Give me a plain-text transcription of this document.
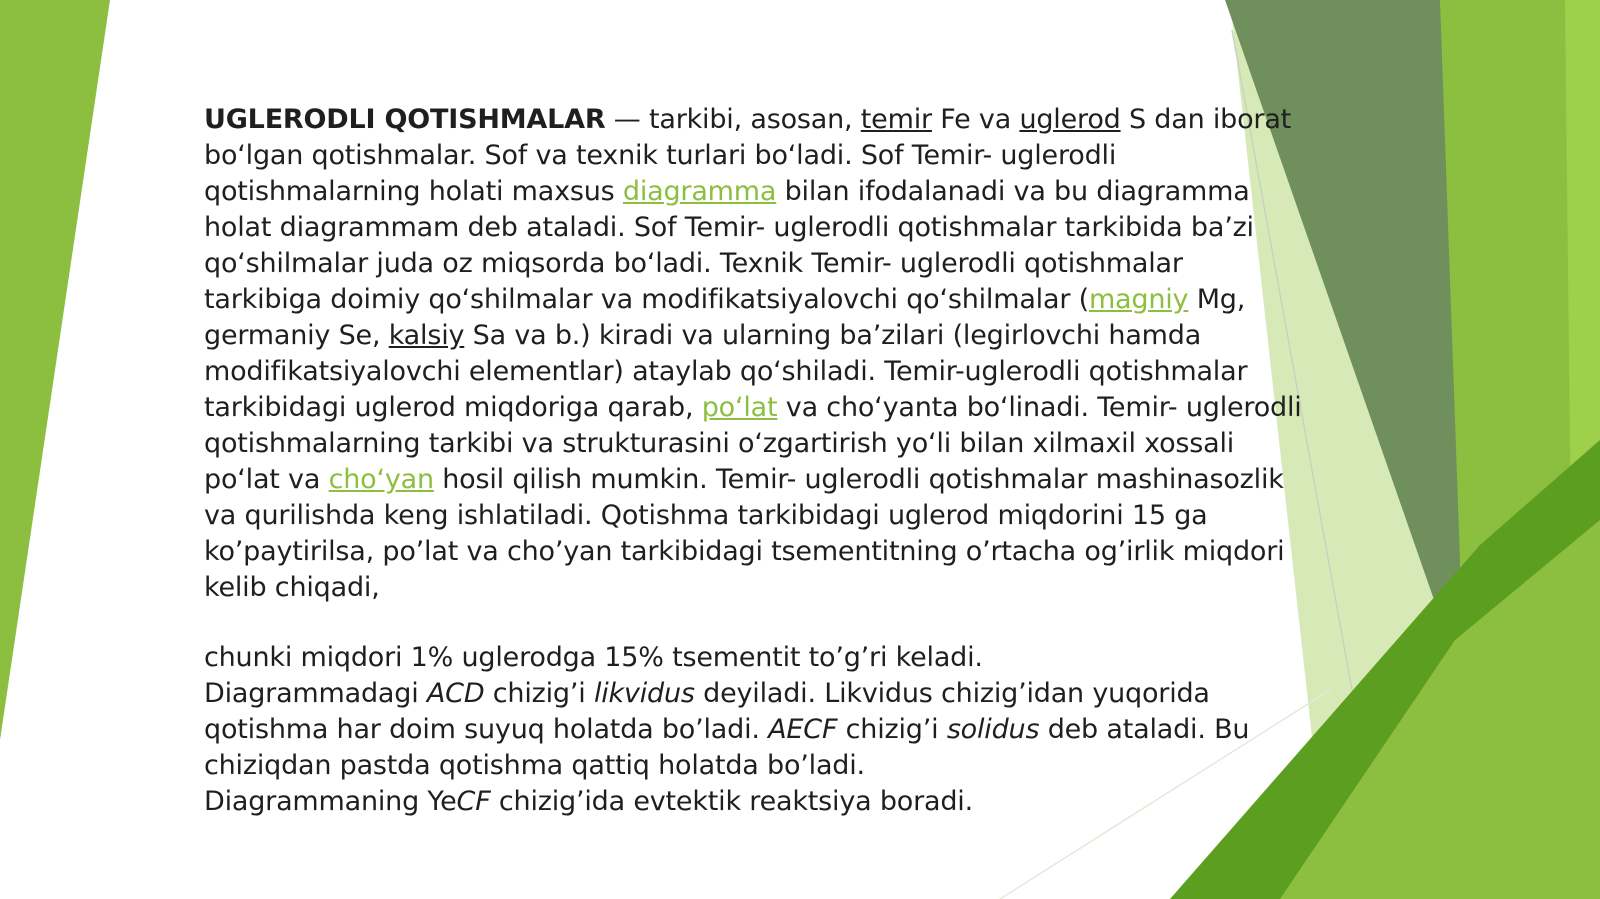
UGLERODLI QOTISHMALAR — tarkibi, asosan, temir Fe va uglerod S dan iborat bo‘lgan qotishmalar. Sof va texnik turlari bo‘ladi. Sof Temir- uglerodli qotishmalarning holati maxsus diagramma bilan ifodalanadi va bu diagramma holat diagrammam deb ataladi. Sof Temir- uglerodli qotishmalar tarkibida ba’zi qo‘shilmalar juda oz miqsorda bo‘ladi. Texnik Temir- uglerodli qotishmalar tarkibiga doimiy qo‘shilmalar va modifikatsiyalovchi qo‘shilmalar (magniy Mg, germaniy Se, kalsiy Sa va b.) kiradi va ularning ba’zilari (legirlovchi hamda modifikatsiyalovchi elementlar) ataylab qo‘shiladi. Temir-uglerodli qotishmalar tarkibidagi uglerod miqdoriga qarab, po‘lat va cho‘yanta bo‘linadi. Temir- uglerodli qotishmalarning tarkibi va strukturasini o‘zgartirish yo‘li bilan xilmaxil xossali po‘lat va cho‘yan hosil qilish mumkin. Temir- uglerodli qotishmalar mashinasozlik va qurilishda keng ishlatiladi. Qotishma tarkibidagi uglerod miqdorini 15 ga ko’paytirilsa, po’lat va cho’yan tarkibidagi tsementitning o’rtacha og’irlik miqdori kelib chiqadi,

chunki miqdori 1% uglerodga 15% tsementit to’g’ri keladi.
Diagrammadagi ACD chizig’i likvidus deyiladi. Likvidus chizig’idan yuqorida qotishma har doim suyuq holatda bo’ladi. AECF chizig’i solidus deb ataladi. Bu chiziqdan pastda qotishma qattiq holatda bo’ladi.
Diagrammaning YeCF chizig’ida evtektik reaktsiya boradi.
